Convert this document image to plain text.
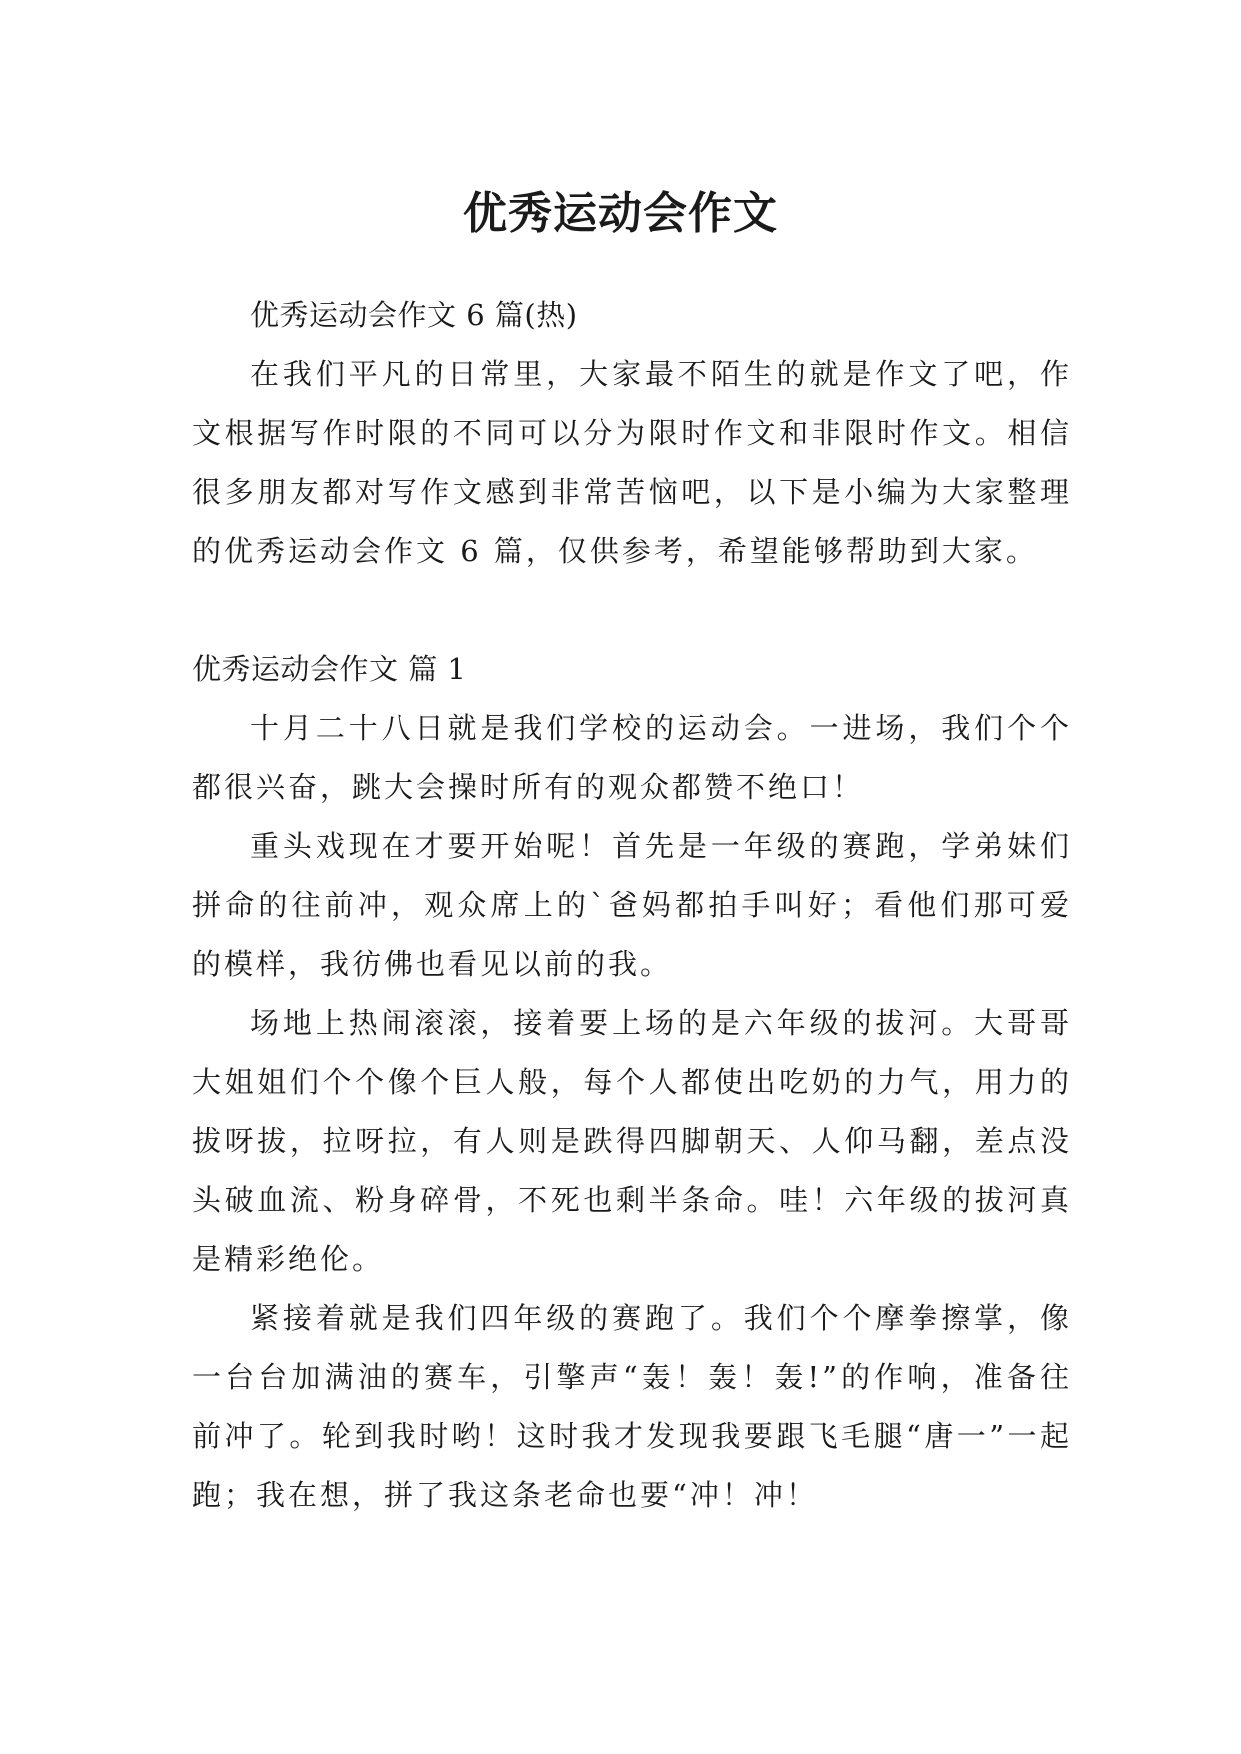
优秀运动会作文

优秀运动会作文 6 篇(热)

在我们平凡的日常里，大家最不陌生的就是作文了吧，作文根据写作时限的不同可以分为限时作文和非限时作文。相信很多朋友都对写作文感到非常苦恼吧，以下是小编为大家整理的优秀运动会作文 6 篇，仅供参考，希望能够帮助到大家。

优秀运动会作文 篇 1

十月二十八日就是我们学校的运动会。一进场，我们个个都很兴奋，跳大会操时所有的观众都赞不绝口！

重头戏现在才要开始呢！首先是一年级的赛跑，学弟妹们拼命的往前冲，观众席上的`爸妈都拍手叫好；看他们那可爱的模样，我彷佛也看见以前的我。

场地上热闹滚滚，接着要上场的是六年级的拔河。大哥哥大姐姐们个个像个巨人般，每个人都使出吃奶的力气，用力的拔呀拔，拉呀拉，有人则是跌得四脚朝天、人仰马翻，差点没头破血流、粉身碎骨，不死也剩半条命。哇！六年级的拔河真是精彩绝伦。

紧接着就是我们四年级的赛跑了。我们个个摩拳擦掌，像一台台加满油的赛车，引擎声“轰！轰！轰!”的作响，准备往前冲了。轮到我时哟！这时我才发现我要跟飞毛腿“唐一”一起跑；我在想，拼了我这条老命也要“冲！冲！
